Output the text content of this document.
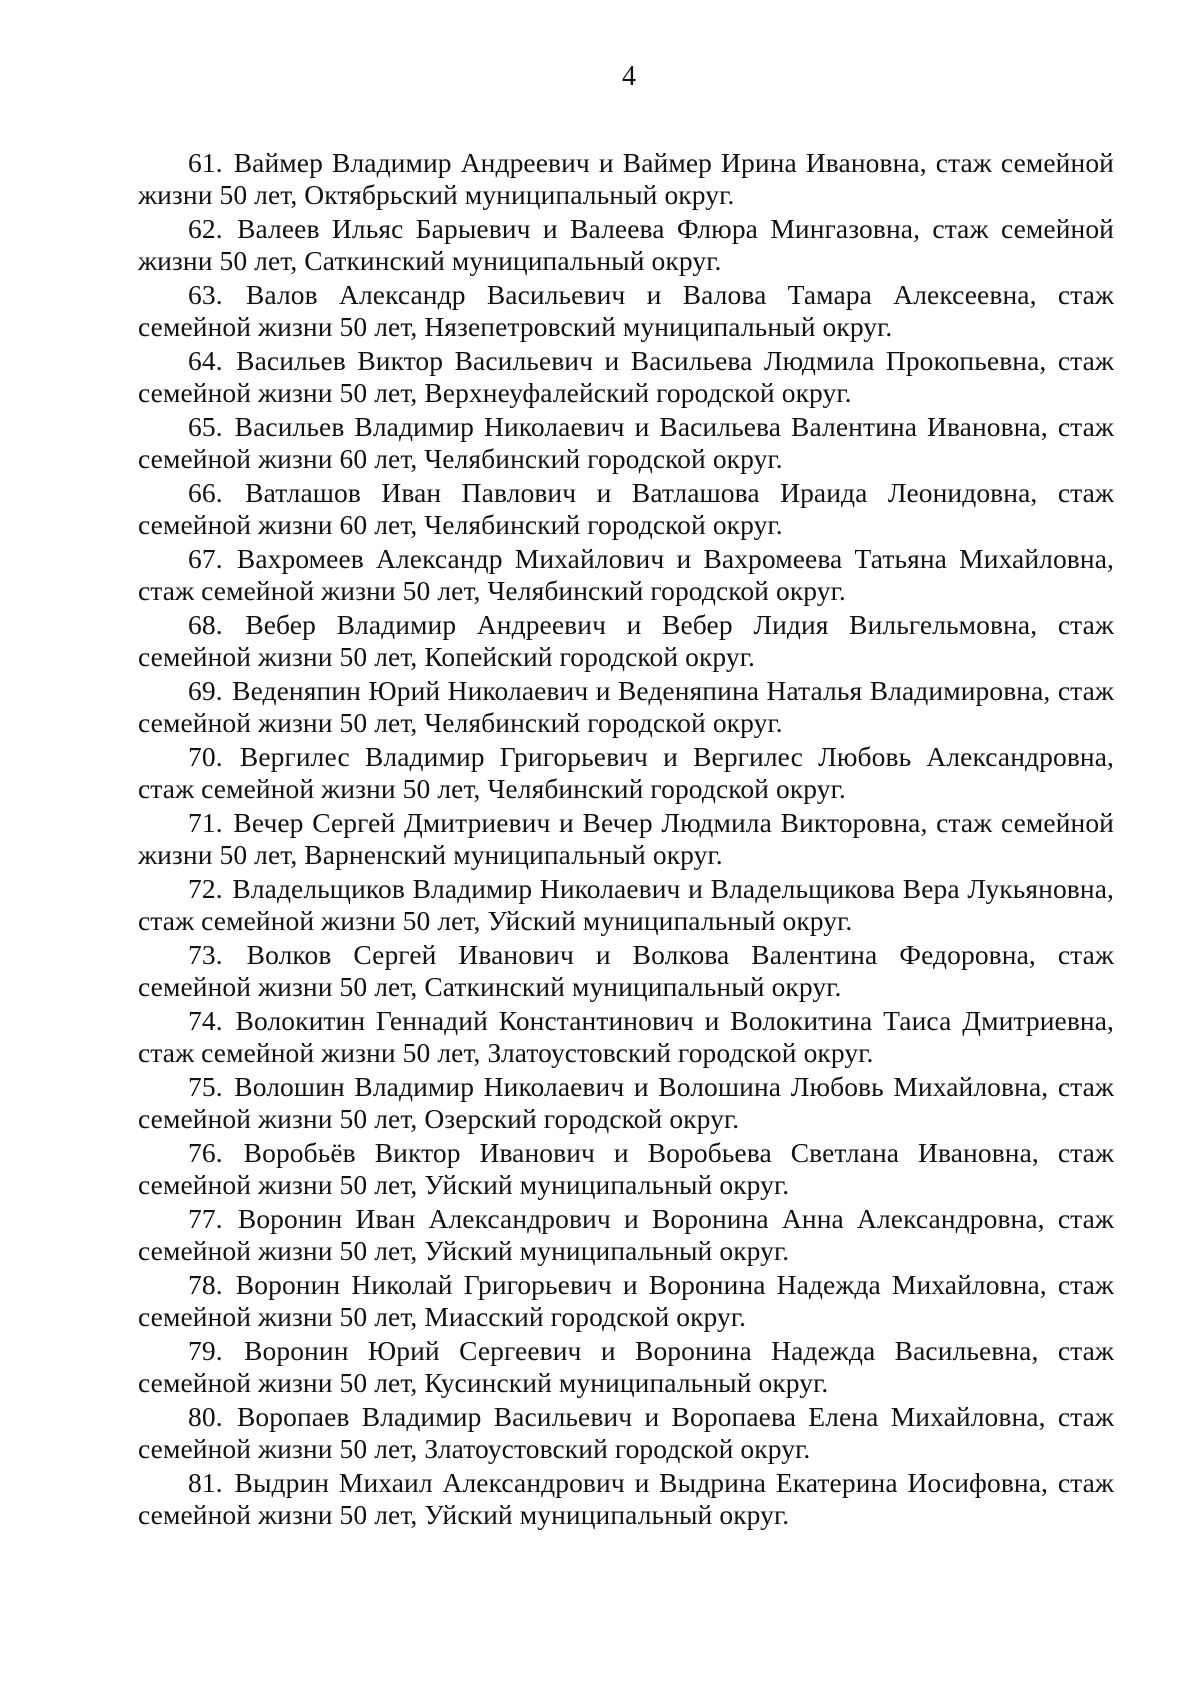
4
61. Ваймер Владимир Андреевич и Ваймер Ирина Ивановна, стаж семейной жизни 50 лет, Октябрьский муниципальный округ.
62. Валеев Ильяс Барыевич и Валеева Флюра Мингазовна, стаж семейной жизни 50 лет, Саткинский муниципальный округ.
63. Валов Александр Васильевич и Валова Тамара Алексеевна, стаж семейной жизни 50 лет, Нязепетровский муниципальный округ.
64. Васильев Виктор Васильевич и Васильева Людмила Прокопьевна, стаж семейной жизни 50 лет, Верхнеуфалейский городской округ.
65. Васильев Владимир Николаевич и Васильева Валентина Ивановна, стаж семейной жизни 60 лет, Челябинский городской округ.
66. Ватлашов Иван Павлович и Ватлашова Ираида Леонидовна, стаж семейной жизни 60 лет, Челябинский городской округ.
67. Вахромеев Александр Михайлович и Вахромеева Татьяна Михайловна, стаж семейной жизни 50 лет, Челябинский городской округ.
68. Вебер Владимир Андреевич и Вебер Лидия Вильгельмовна, стаж семейной жизни 50 лет, Копейский городской округ.
69. Веденяпин Юрий Николаевич и Веденяпина Наталья Владимировна, стаж семейной жизни 50 лет, Челябинский городской округ.
70. Вергилес Владимир Григорьевич и Вергилес Любовь Александровна, стаж семейной жизни 50 лет, Челябинский городской округ.
71. Вечер Сергей Дмитриевич и Вечер Людмила Викторовна, стаж семейной жизни 50 лет, Варненский муниципальный округ.
72. Владельщиков Владимир Николаевич и Владельщикова Вера Лукьяновна, стаж семейной жизни 50 лет, Уйский муниципальный округ.
73. Волков Сергей Иванович и Волкова Валентина Федоровна, стаж семейной жизни 50 лет, Саткинский муниципальный округ.
74. Волокитин Геннадий Константинович и Волокитина Таиса Дмитриевна, стаж семейной жизни 50 лет, Златоустовский городской округ.
75. Волошин Владимир Николаевич и Волошина Любовь Михайловна, стаж семейной жизни 50 лет, Озерский городской округ.
76. Воробьёв Виктор Иванович и Воробьева Светлана Ивановна, стаж семейной жизни 50 лет, Уйский муниципальный округ.
77. Воронин Иван Александрович и Воронина Анна Александровна, стаж семейной жизни 50 лет, Уйский муниципальный округ.
78. Воронин Николай Григорьевич и Воронина Надежда Михайловна, стаж семейной жизни 50 лет, Миасский городской округ.
79. Воронин Юрий Сергеевич и Воронина Надежда Васильевна, стаж семейной жизни 50 лет, Кусинский муниципальный округ.
80. Воропаев Владимир Васильевич и Воропаева Елена Михайловна, стаж семейной жизни 50 лет, Златоустовский городской округ.
81. Выдрин Михаил Александрович и Выдрина Екатерина Иосифовна, стаж семейной жизни 50 лет, Уйский муниципальный округ.
